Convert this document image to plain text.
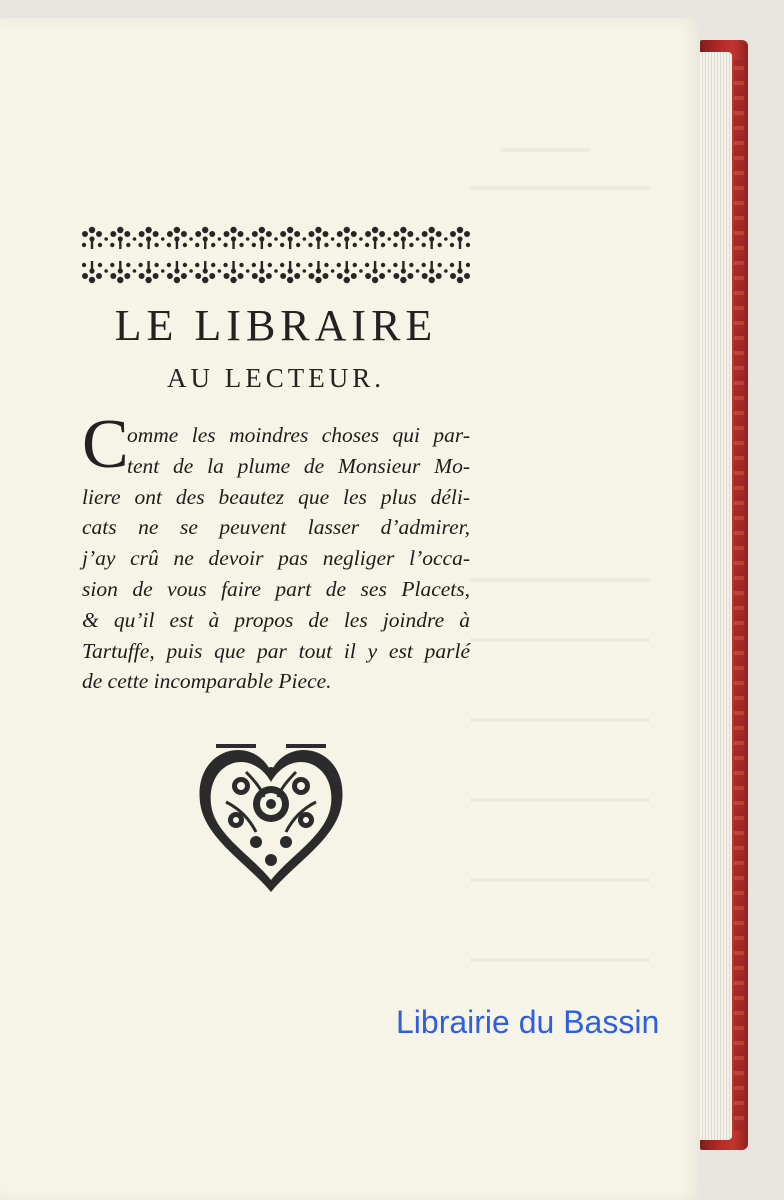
LE LIBRAIRE
AU LECTEUR.
C

omme les moindres choses qui par-
tent de la plume de Monsieur Mo-
liere ont des beautez que les plus déli-
cats ne se peuvent lasser d’admirer,
j’ay crû ne devoir pas negliger l’occa-
sion de vous faire part de ses Placets,
& qu’il est à propos de les joindre à
Tartuffe, puis que par tout il y est parlé
de cette incomparable Piece.

Librairie du Bassin
